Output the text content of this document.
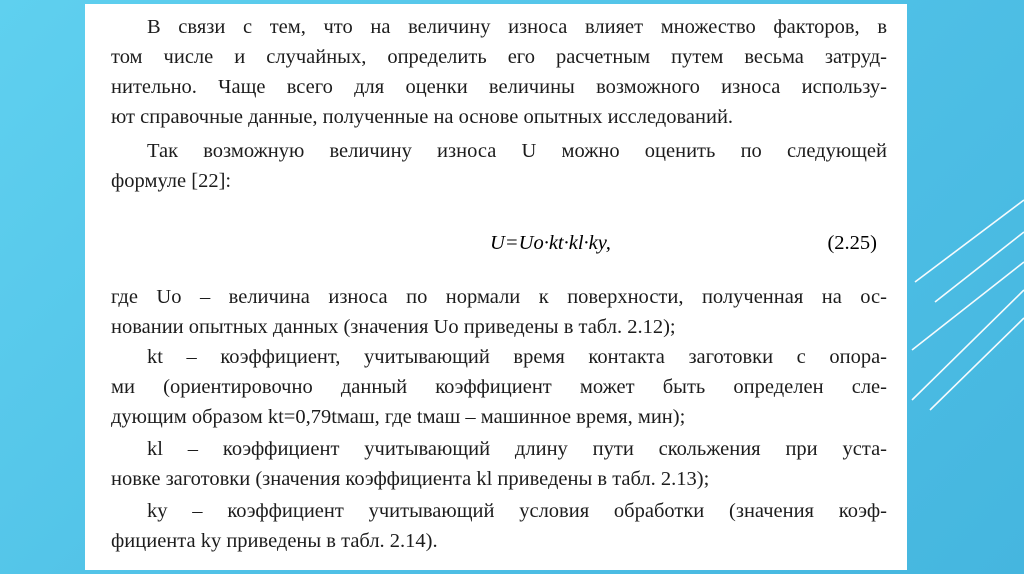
В связи с тем, что на величину износа влияет множество факторов, в
том числе и случайных, определить его расчетным путем весьма затруд-
нительно. Чаще всего для оценки величины возможного износа использу-
ют справочные данные, полученные на основе опытных исследований.
Так возможную величину износа U можно оценить по следующей
формуле [22]:
где Uo – величина износа по нормали к поверхности, полученная на ос-
новании опытных данных (значения Uo приведены в табл. 2.12);
kt – коэффициент, учитывающий время контакта заготовки с опора-
ми (ориентировочно данный коэффициент может быть определен сле-
дующим образом kt=0,79tмаш, где tмаш – машинное время, мин);
kl – коэффициент учитывающий длину пути скольжения при уста-
новке заготовки (значения коэффициента kl приведены в табл. 2.13);
ky – коэффициент учитывающий условия обработки (значения коэф-
фициента ky приведены в табл. 2.14).
U=Uo·kt·kl·ky,	(2.25)
